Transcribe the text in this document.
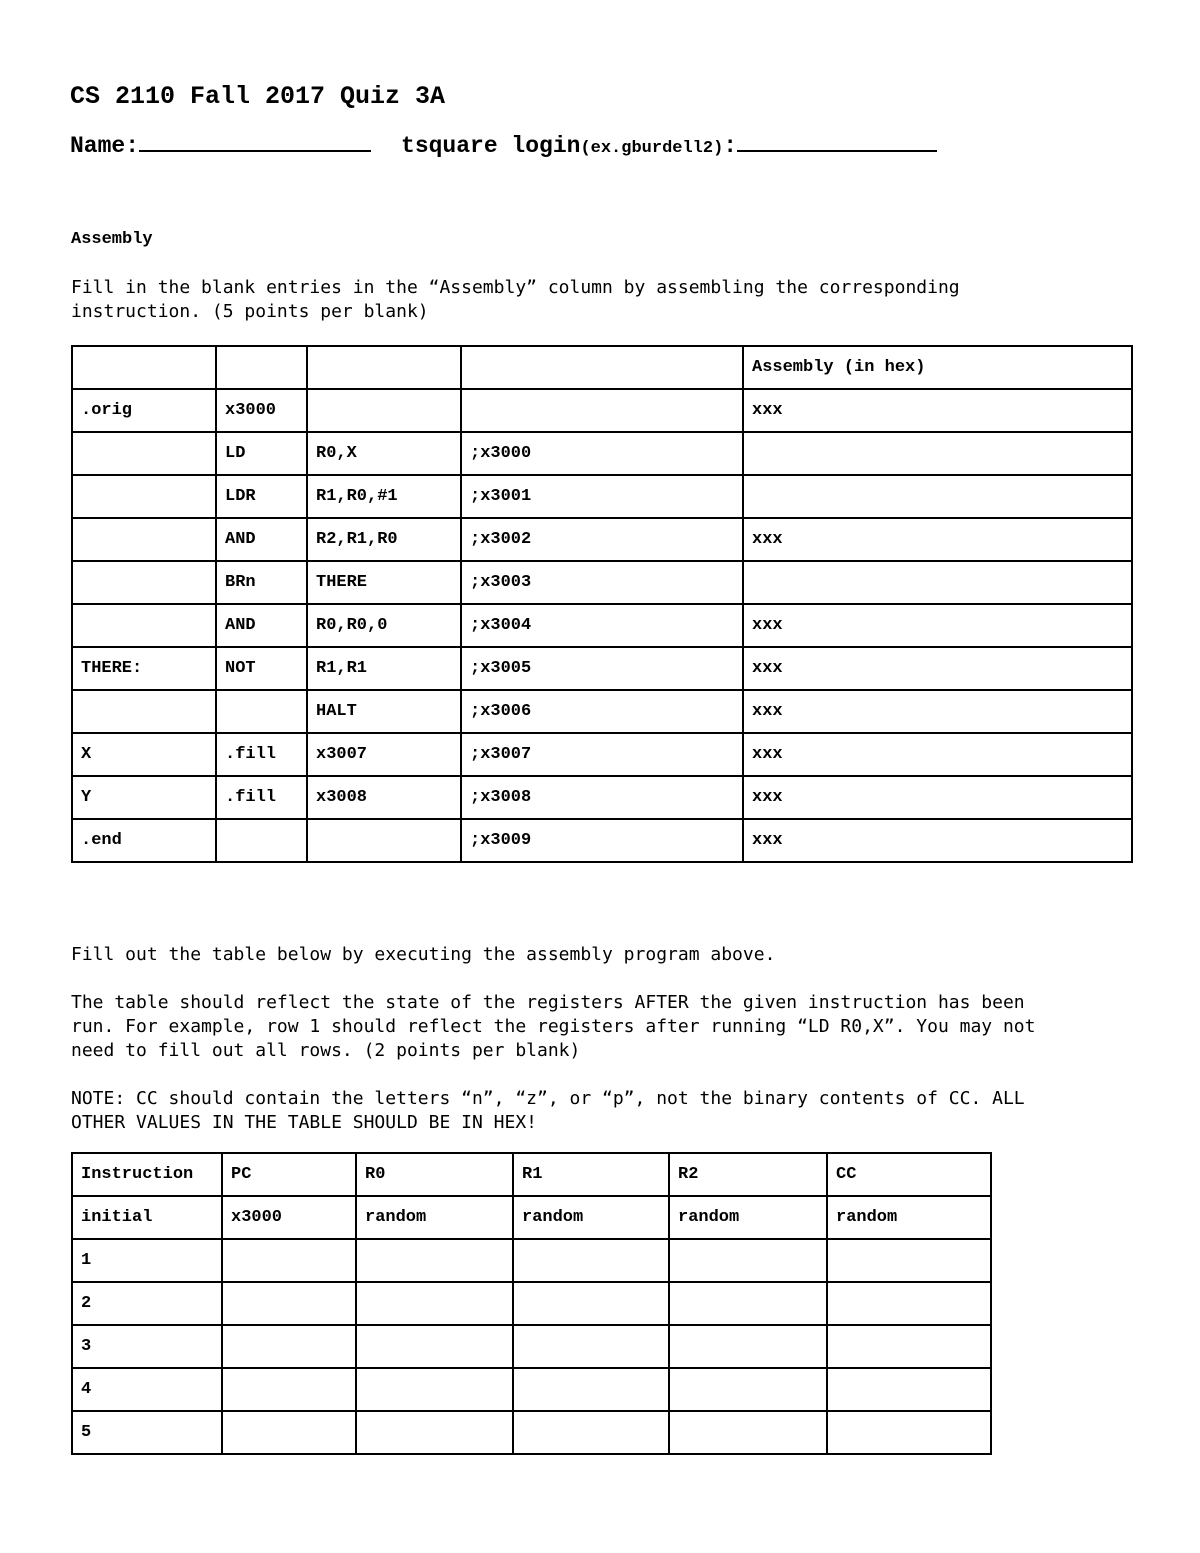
CS 2110 Fall 2017 Quiz 3A
Name:	tsquare login(ex.gburdell2):
Assembly
Fill in the blank entries in the “Assembly” column by assembling the corresponding
instruction. (5 points per blank)
				Assembly (in hex)
.orig	x3000			xxx
	LD	R0,X	;x3000	
	LDR	R1,R0,#1	;x3001	
	AND	R2,R1,R0	;x3002	xxx
	BRn	THERE	;x3003	
	AND	R0,R0,0	;x3004	xxx
THERE:	NOT	R1,R1	;x3005	xxx
		HALT	;x3006	xxx
X	.fill	x3007	;x3007	xxx
Y	.fill	x3008	;x3008	xxx
.end			;x3009	xxx
Fill out the table below by executing the assembly program above.

The table should reflect the state of the registers AFTER the given instruction has been
run. For example, row 1 should reflect the registers after running “LD R0,X”. You may not
need to fill out all rows. (2 points per blank)

NOTE: CC should contain the letters “n”, “z”, or “p”, not the binary contents of CC. ALL
OTHER VALUES IN THE TABLE SHOULD BE IN HEX!
Instruction	PC	R0	R1	R2	CC
initial	x3000	random	random	random	random
1					
2					
3					
4					
5					
